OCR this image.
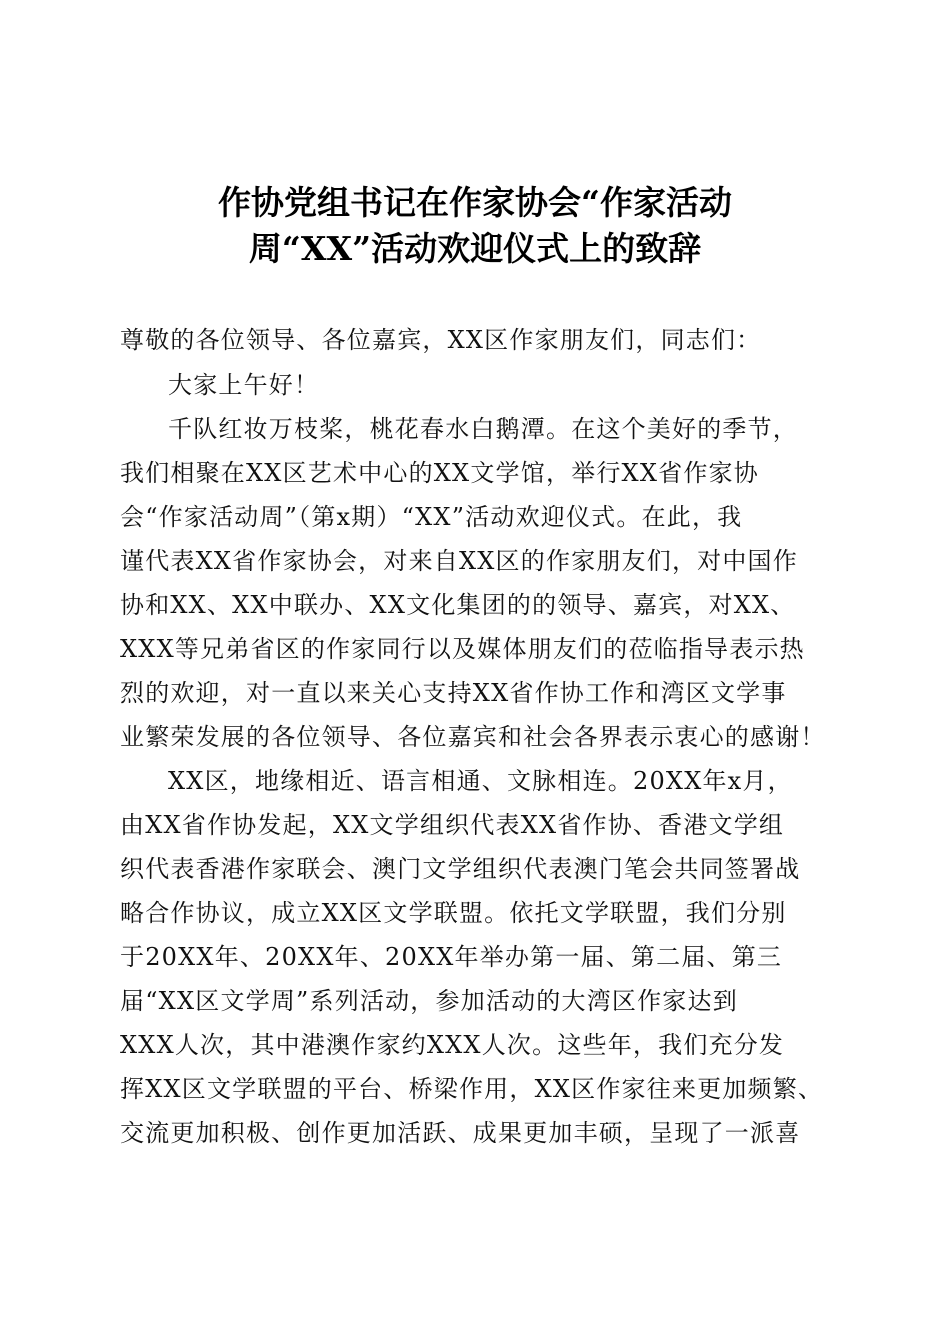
作协党组书记在作家协会“作家活动
周“XX”活动欢迎仪式上的致辞
尊敬的各位领导、各位嘉宾，XX区作家朋友们，同志们：
大家上午好！
千队红妆万枝桨，桃花春水白鹅潭。在这个美好的季节，
我们相聚在XX区艺术中心的XX文学馆，举行XX省作家协
会“作家活动周”（第x期）“XX”活动欢迎仪式。在此，我
谨代表XX省作家协会，对来自XX区的作家朋友们，对中国作
协和XX、XX中联办、XX文化集团的的领导、嘉宾，对XX、
XXX等兄弟省区的作家同行以及媒体朋友们的莅临指导表示热
烈的欢迎，对一直以来关心支持XX省作协工作和湾区文学事
业繁荣发展的各位领导、各位嘉宾和社会各界表示衷心的感谢！
XX区，地缘相近、语言相通、文脉相连。20XX年x月，
由XX省作协发起，XX文学组织代表XX省作协、香港文学组
织代表香港作家联会、澳门文学组织代表澳门笔会共同签署战
略合作协议，成立XX区文学联盟。依托文学联盟，我们分别
于20XX年、20XX年、20XX年举办第一届、第二届、第三
届“XX区文学周”系列活动，参加活动的大湾区作家达到
XXX人次，其中港澳作家约XXX人次。这些年，我们充分发
挥XX区文学联盟的平台、桥梁作用，XX区作家往来更加频繁、
交流更加积极、创作更加活跃、成果更加丰硕，呈现了一派喜
